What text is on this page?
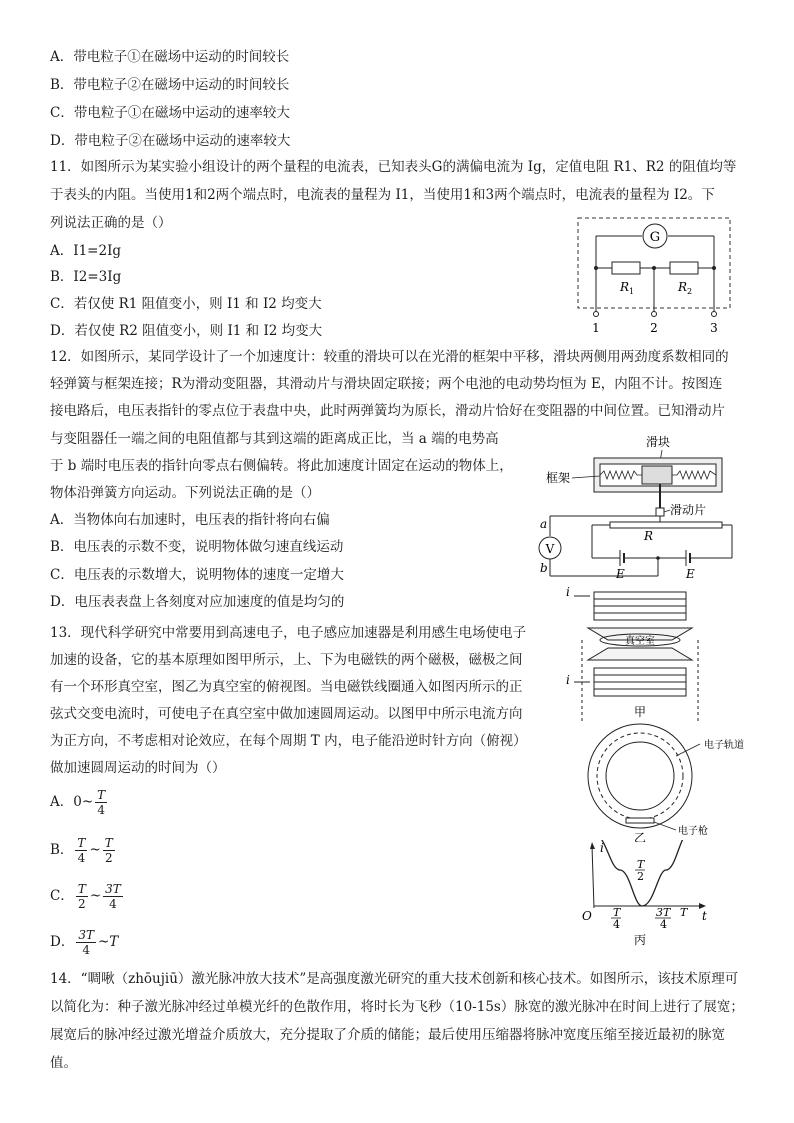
A．带电粒子①在磁场中运动的时间较长
B．带电粒子②在磁场中运动的时间较长
C．带电粒子①在磁场中运动的速率较大
D．带电粒子②在磁场中运动的速率较大
11．如图所示为某实验小组设计的两个量程的电流表，已知表头G的满偏电流为 Ig，定值电阻 R1、R2 的阻值均等
于表头的内阻。当使用1和2两个端点时，电流表的量程为 I1，当使用1和3两个端点时，电流表的量程为 I2。下
列说法正确的是（）
A．I1=2Ig
B．I2=3Ig
C．若仅使 R1 阻值变小，则 I1 和 I2 均变大
D．若仅使 R2 阻值变小，则 I1 和 I2 均变大
G
R 1	R 2
1	2	3
12．如图所示，某同学设计了一个加速度计：较重的滑块可以在光滑的框架中平移，滑块两侧用两劲度系数相同的
轻弹簧与框架连接；R为滑动变阻器，其滑动片与滑块固定联接；两个电池的电动势均恒为 E，内阻不计。按图连
接电路后，电压表指针的零点位于表盘中央，此时两弹簧均为原长，滑动片恰好在变阻器的中间位置。已知滑动片
与变阻器任一端之间的电阻值都与其到这端的距离成正比，当 a 端的电势高
于 b 端时电压表的指针向零点右侧偏转。将此加速度计固定在运动的物体上，
物体沿弹簧方向运动。下列说法正确的是（）
A．当物体向右加速时，电压表的指针将向右偏
B．电压表的示数不变，说明物体做匀速直线运动
C．电压表的示数增大，说明物体的速度一定增大
D．电压表表盘上各刻度对应加速度的值是均匀的
滑块
框架
滑动片
R
a
V
b	E	E
13．现代科学研究中常要用到高速电子，电子感应加速器是利用感生电场使电子
加速的设备，它的基本原理如图甲所示，上、下为电磁铁的两个磁极，磁极之间
有一个环形真空室，图乙为真空室的俯视图。当电磁铁线圈通入如图丙所示的正
弦式交变电流时，可使电子在真空室中做加速圆周运动。以图甲中所示电流方向
为正方向，不考虑相对论效应，在每个周期 T 内，电子能沿逆时针方向（俯视）
做加速圆周运动的时间为（）
A．0~ $\frac{T}{4}$
B． $\frac{T}{4}$ ~ $\frac{T}{2}$
C． $\frac{T}{2}$ ~ $\frac{3T}{4}$
D． $\frac{3T}{4}$ ~T
i
真空室
i
甲
电子轨道
电子枪
乙
i
t
O
T
2
T
4
3T
4
T
丙
14．“啁啾（zhōujiū）激光脉冲放大技术”是高强度激光研究的重大技术创新和核心技术。如图所示，该技术原理可
以简化为：种子激光脉冲经过单模光纤的色散作用，将时长为飞秒（10-15s）脉宽的激光脉冲在时间上进行了展宽；
展宽后的脉冲经过激光增益介质放大，充分提取了介质的储能；最后使用压缩器将脉冲宽度压缩至接近最初的脉宽
值。
